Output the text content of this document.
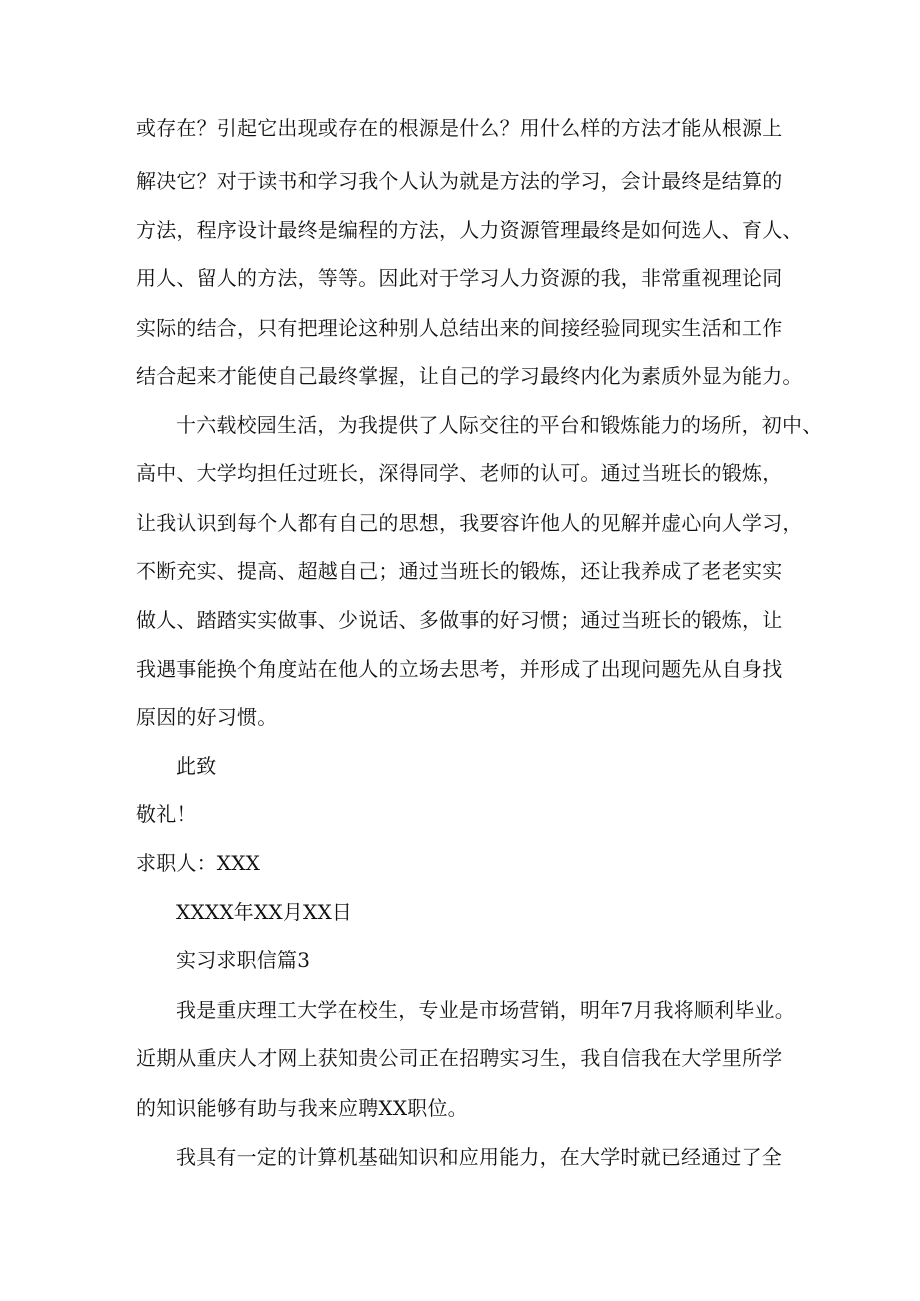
或存在？引起它出现或存在的根源是什么？用什么样的方法才能从根源上
解决它？对于读书和学习我个人认为就是方法的学习，会计最终是结算的
方法，程序设计最终是编程的方法，人力资源管理最终是如何选人、育人、
用人、留人的方法，等等。因此对于学习人力资源的我，非常重视理论同
实际的结合，只有把理论这种别人总结出来的间接经验同现实生活和工作
结合起来才能使自己最终掌握，让自己的学习最终内化为素质外显为能力。
十六载校园生活，为我提供了人际交往的平台和锻炼能力的场所，初中、
高中、大学均担任过班长，深得同学、老师的认可。通过当班长的锻炼，
让我认识到每个人都有自己的思想，我要容许他人的见解并虚心向人学习，
不断充实、提高、超越自己；通过当班长的锻炼，还让我养成了老老实实
做人、踏踏实实做事、少说话、多做事的好习惯；通过当班长的锻炼，让
我遇事能换个角度站在他人的立场去思考，并形成了出现问题先从自身找
原因的好习惯。
此致
敬礼！
求职人：XXX
XXXX年XX月XX日
实习求职信篇3
我是重庆理工大学在校生，专业是市场营销，明年7月我将顺利毕业。
近期从重庆人才网上获知贵公司正在招聘实习生，我自信我在大学里所学
的知识能够有助与我来应聘XX职位。
我具有一定的计算机基础知识和应用能力，在大学时就已经通过了全
